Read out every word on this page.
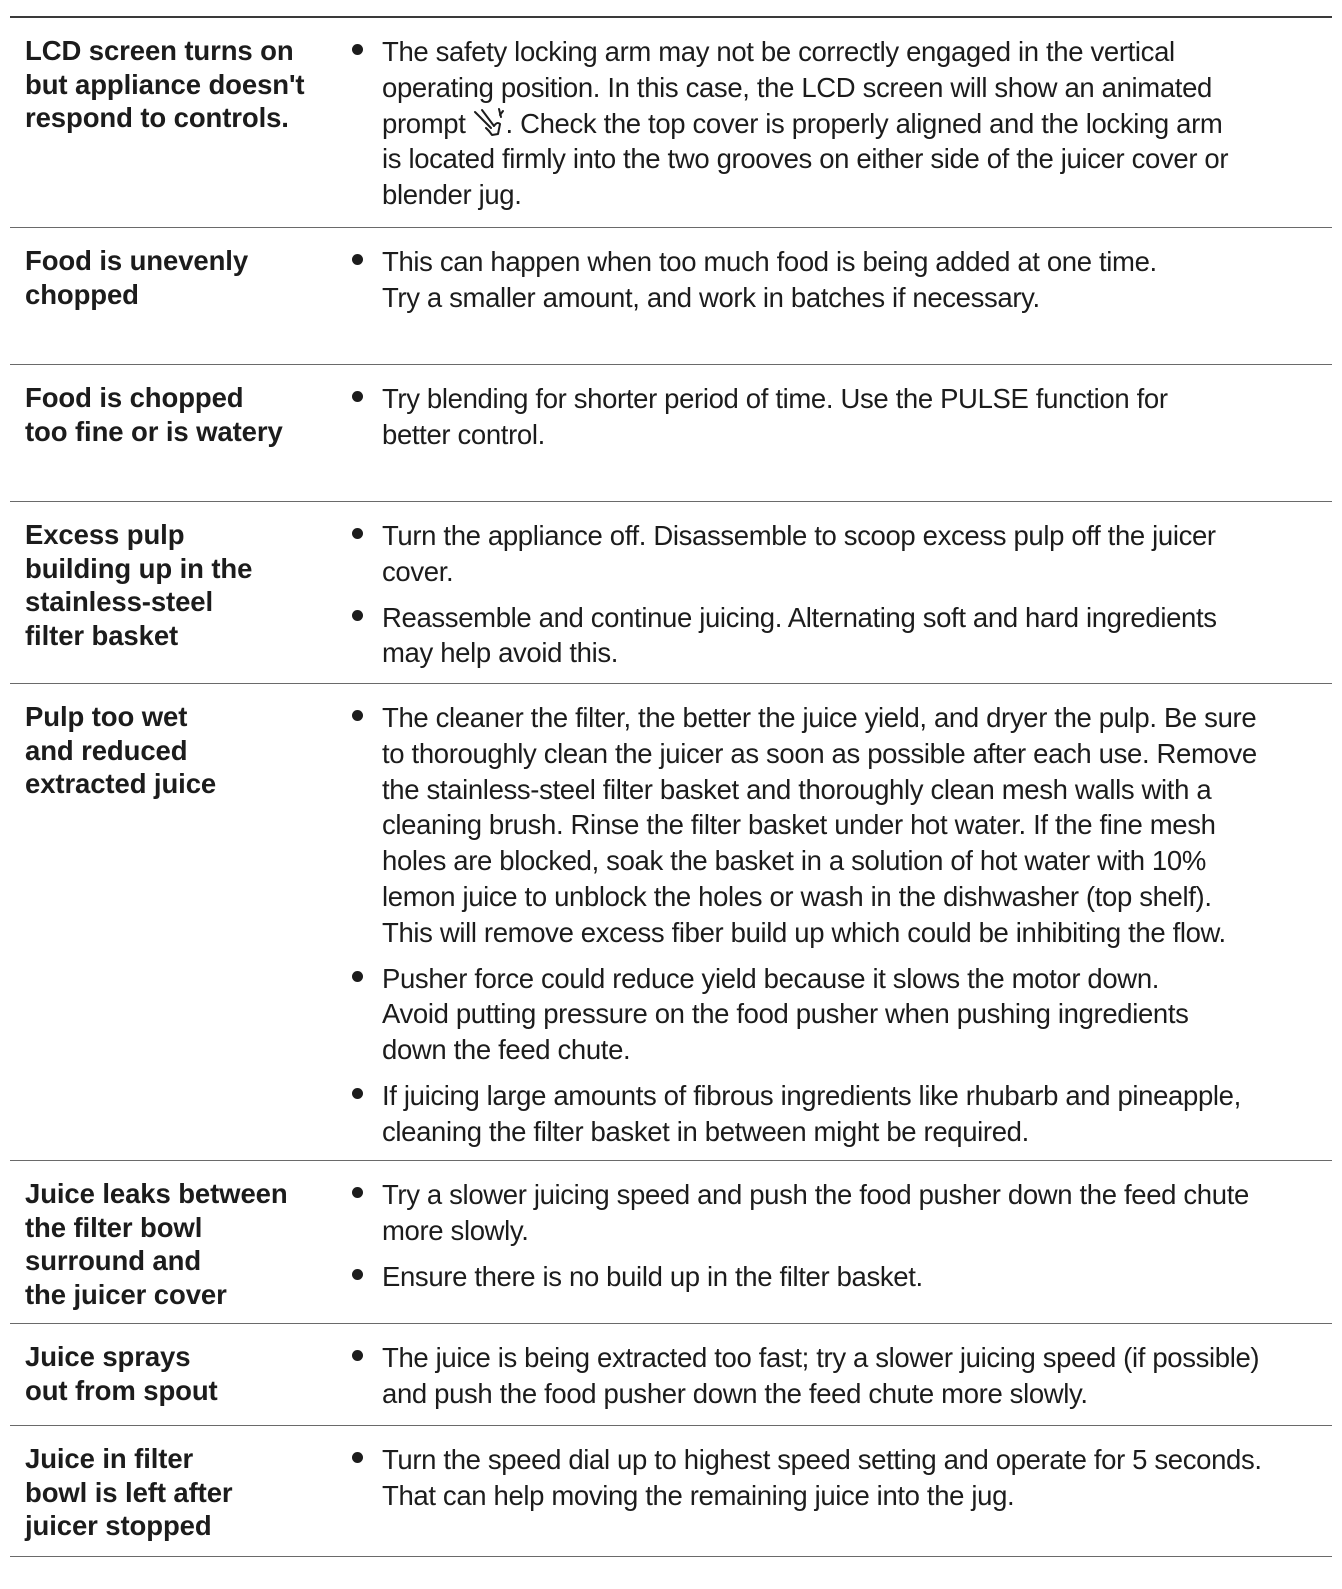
LCD screen turns on
but appliance doesn't
respond to controls.
The safety locking arm may not be correctly engaged in the vertical
operating position. In this case, the LCD screen will show an animated
prompt . Check the top cover is properly aligned and the locking arm
is located firmly into the two grooves on either side of the juicer cover or
blender jug.
Food is unevenly
chopped
This can happen when too much food is being added at one time.
Try a smaller amount, and work in batches if necessary.
Food is chopped
too fine or is watery
Try blending for shorter period of time. Use the PULSE function for
better control.
Excess pulp
building up in the
stainless-steel
filter basket
Turn the appliance off. Disassemble to scoop excess pulp off the juicer
cover.
Reassemble and continue juicing. Alternating soft and hard ingredients
may help avoid this.
Pulp too wet
and reduced
extracted juice
The cleaner the filter, the better the juice yield, and dryer the pulp. Be sure
to thoroughly clean the juicer as soon as possible after each use. Remove
the stainless-steel filter basket and thoroughly clean mesh walls with a
cleaning brush. Rinse the filter basket under hot water. If the fine mesh
holes are blocked, soak the basket in a solution of hot water with 10%
lemon juice to unblock the holes or wash in the dishwasher (top shelf).
This will remove excess fiber build up which could be inhibiting the flow.
Pusher force could reduce yield because it slows the motor down.
Avoid putting pressure on the food pusher when pushing ingredients
down the feed chute.
If juicing large amounts of fibrous ingredients like rhubarb and pineapple,
cleaning the filter basket in between might be required.
Juice leaks between
the filter bowl
surround and
the juicer cover
Try a slower juicing speed and push the food pusher down the feed chute
more slowly.
Ensure there is no build up in the filter basket.
Juice sprays
out from spout
The juice is being extracted too fast; try a slower juicing speed (if possible)
and push the food pusher down the feed chute more slowly.
Juice in filter
bowl is left after
juicer stopped
Turn the speed dial up to highest speed setting and operate for 5 seconds.
That can help moving the remaining juice into the jug.
